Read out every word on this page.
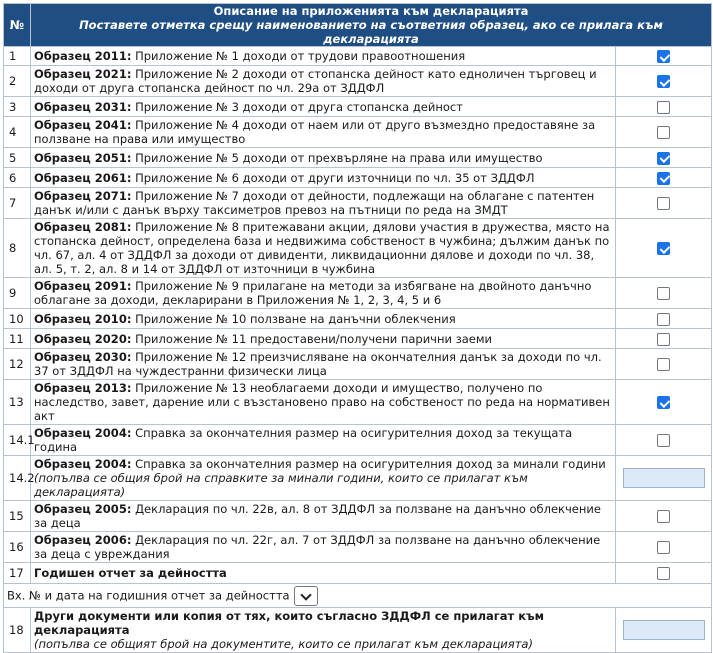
№	Описание на приложенията към декларацията
Поставете отметка срещу наименованието на съответния образец, ако се прилага към декларацията	

1	Образец 2011: Приложение № 1 доходи от трудови правоотношения	
2	Образец 2021: Приложение № 2 доходи от стопанска дейност като едноличен търговец и доходи от друга стопанска дейност по чл. 29а от ЗДДФЛ	
3	Образец 2031: Приложение № 3 доходи от друга стопанска дейност	
4	Образец 2041: Приложение № 4 доходи от наем или от друго възмездно предоставяне за ползване на права или имущество	
5	Образец 2051: Приложение № 5 доходи от прехвърляне на права или имущество	
6	Образец 2061: Приложение № 6 доходи от други източници по чл. 35 от ЗДДФЛ	
7	Образец 2071: Приложение № 7 доходи от дейности, подлежащи на облагане с патентен данък и/или с данък върху таксиметров превоз на пътници по реда на ЗМДТ	
8	Образец 2081: Приложение № 8 притежавани акции, дялови участия в дружества, място на стопанска дейност, определена база и недвижима собственост в чужбина; дължим данък по чл. 67, ал. 4 от ЗДДФЛ за доходи от дивиденти, ликвидационни дялове и доходи по чл. 38, ал. 5, т. 2, ал. 8 и 14 от ЗДДФЛ от източници в чужбина	
9	Образец 2091: Приложение № 9 прилагане на методи за избягване на двойното данъчно облагане за доходи, декларирани в Приложения № 1, 2, 3, 4, 5 и 6	
10	Образец 2010: Приложение № 10 ползване на данъчни облекчения	
11	Образец 2020: Приложение № 11 предоставени/получени парични заеми	
12	Образец 2030: Приложение № 12 преизчисляване на окончателния данък за доходи по чл. 37 от ЗДДФЛ на чуждестранни физически лица	
13	Образец 2013: Приложение № 13 необлагаеми доходи и имущество, получено по наследство, завет, дарение или с възстановено право на собственост по реда на нормативен акт	
14.1	Образец 2004: Справка за окончателния размер на осигурителния доход за текущата година	
14.2	Образец 2004: Справка за окончателния размер на осигурителния доход за минали години (попълва се общия брой на справките за минали години, които се прилагат към декларацията)	

15	Образец 2005: Декларация по чл. 22в, ал. 8 от ЗДДФЛ за ползване на данъчно облекчение за деца	
16	Образец 2006: Декларация по чл. 22г, ал. 7 от ЗДДФЛ за ползване на данъчно облекчение за деца с увреждания	
17	Годишен отчет за дейността	
Вх. № и дата на годишния отчет за дейността		
18	Други документи или копия от тях, които съгласно ЗДДФЛ се прилагат към декларацията
(попълва се общият брой на документите, които се прилагат към декларацията)	
